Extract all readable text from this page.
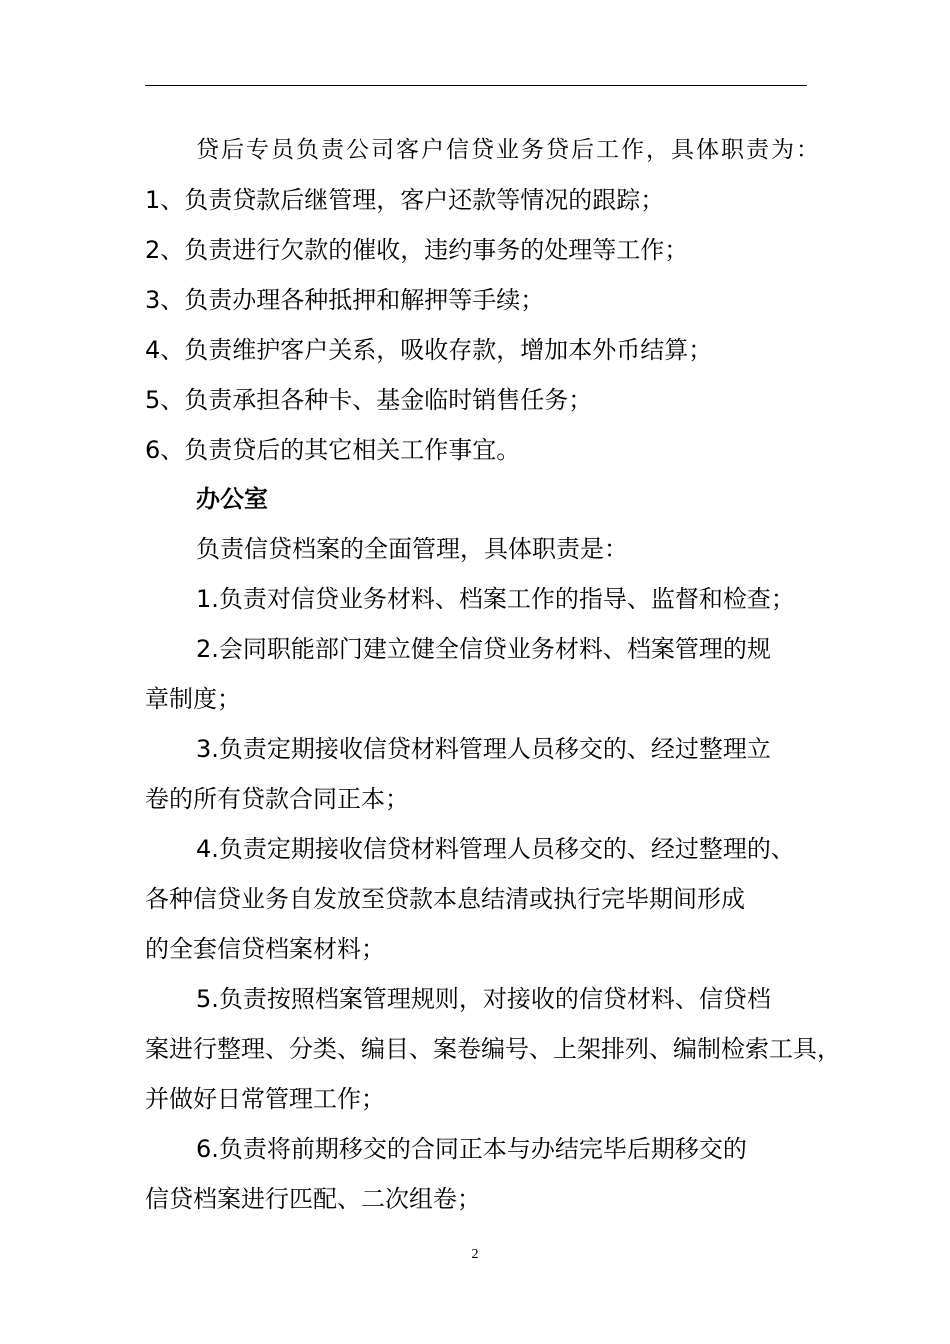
贷后专员负责公司客户信贷业务贷后工作，具体职责为：
1、负责贷款后继管理，客户还款等情况的跟踪；
2、负责进行欠款的催收，违约事务的处理等工作；
3、负责办理各种抵押和解押等手续；
4、负责维护客户关系，吸收存款，增加本外币结算；
5、负责承担各种卡、基金临时销售任务；
6、负责贷后的其它相关工作事宜。
办公室
负责信贷档案的全面管理，具体职责是：
1.负责对信贷业务材料、档案工作的指导、监督和检查；
2.会同职能部门建立健全信贷业务材料、档案管理的规
章制度；
3.负责定期接收信贷材料管理人员移交的、经过整理立
卷的所有贷款合同正本；
4.负责定期接收信贷材料管理人员移交的、经过整理的、
各种信贷业务自发放至贷款本息结清或执行完毕期间形成
的全套信贷档案材料；
5.负责按照档案管理规则，对接收的信贷材料、信贷档
案进行整理、分类、编目、案卷编号、上架排列、编制检索工具，
并做好日常管理工作；
6.负责将前期移交的合同正本与办结完毕后期移交的
信贷档案进行匹配、二次组卷；
2
